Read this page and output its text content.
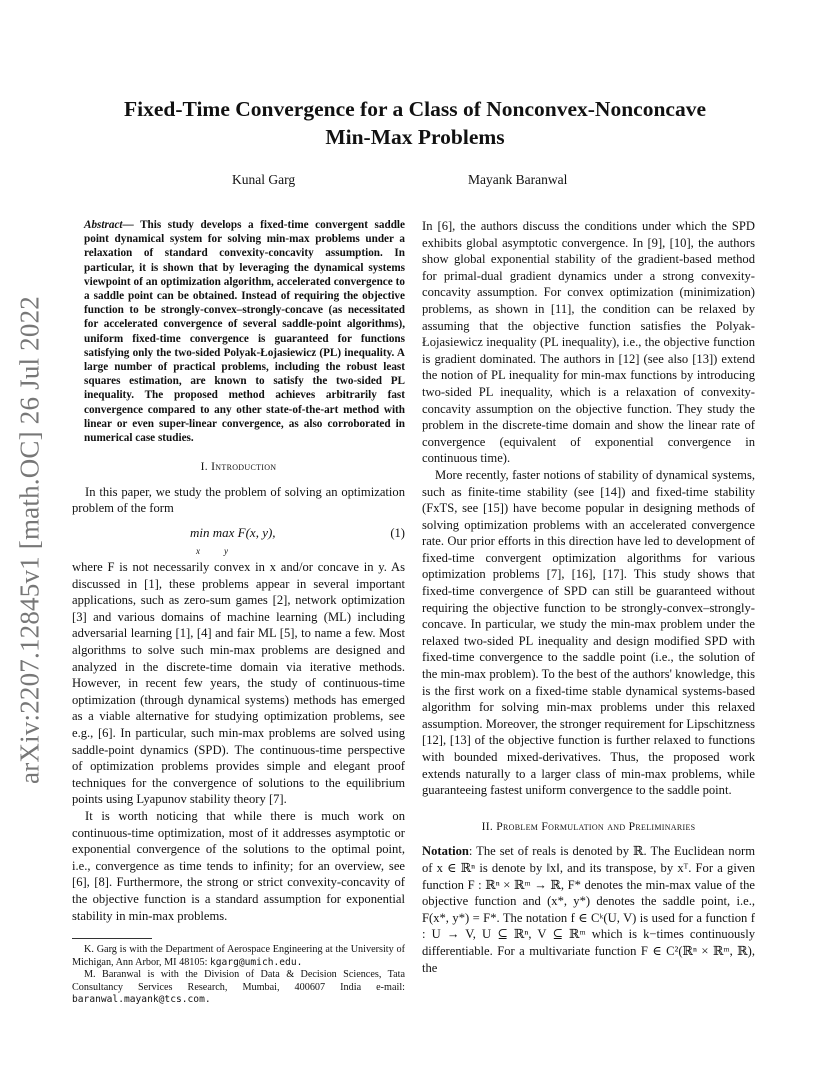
arXiv:2207.12845v1 [math.OC] 26 Jul 2022
Fixed-Time Convergence for a Class of Nonconvex-Nonconcave
Min-Max Problems
Kunal Garg	Mayank Baranwal

Abstract— This study develops a fixed-time convergent saddle point dynamical system for solving min-max problems under a relaxation of standard convexity-concavity assumption. In particular, it is shown that by leveraging the dynamical systems viewpoint of an optimization algorithm, accelerated convergence to a saddle point can be obtained. Instead of requiring the objective function to be strongly-convex–strongly-concave (as necessitated for accelerated convergence of several saddle-point algorithms), uniform fixed-time convergence is guaranteed for functions satisfying only the two-sided Polyak-Łojasiewicz (PL) inequality. A large number of practical problems, including the robust least squares estimation, are known to satisfy the two-sided PL inequality. The proposed method achieves arbitrarily fast convergence compared to any other state-of-the-art method with linear or even super-linear convergence, as also corroborated in numerical case studies.

I. Introduction

In this paper, we study the problem of solving an optimization problem of the form

min max F(x, y),
x	y
(1)

where F is not necessarily convex in x and/or concave in y. As discussed in [1], these problems appear in several important applications, such as zero-sum games [2], network optimization [3] and various domains of machine learning (ML) including adversarial learning [1], [4] and fair ML [5], to name a few. Most algorithms to solve such min-max problems are designed and analyzed in the discrete-time domain via iterative methods. However, in recent few years, the study of continuous-time optimization (through dynamical systems) methods has emerged as a viable alternative for studying optimization problems, see e.g., [6]. In particular, such min-max problems are solved using saddle-point dynamics (SPD). The continuous-time perspective of optimization problems provides simple and elegant proof techniques for the convergence of solutions to the equilibrium points using Lyapunov stability theory [7].

It is worth noticing that while there is much work on continuous-time optimization, most of it addresses asymptotic or exponential convergence of the solutions to the optimal point, i.e., convergence as time tends to infinity; for an overview, see [6], [8]. Furthermore, the strong or strict convexity-concavity of the objective function is a standard assumption for exponential stability in min-max problems.

K. Garg is with the Department of Aerospace Engineering at the University of Michigan, Ann Arbor, MI 48105: kgarg@umich.edu.

M. Baranwal is with the Division of Data & Decision Sciences, Tata Consultancy Services Research, Mumbai, 400607 India e-mail: baranwal.mayank@tcs.com.

In [6], the authors discuss the conditions under which the SPD exhibits global asymptotic convergence. In [9], [10], the authors show global exponential stability of the gradient-based method for primal-dual gradient dynamics under a strong convexity-concavity assumption. For convex optimization (minimization) problems, as shown in [11], the condition can be relaxed by assuming that the objective function satisfies the Polyak-Łojasiewicz inequality (PL inequality), i.e., the objective function is gradient dominated. The authors in [12] (see also [13]) extend the notion of PL inequality for min-max functions by introducing two-sided PL inequality, which is a relaxation of convexity-concavity assumption on the objective function. They study the problem in the discrete-time domain and show the linear rate of convergence (equivalent of exponential convergence in continuous time).

More recently, faster notions of stability of dynamical systems, such as finite-time stability (see [14]) and fixed-time stability (FxTS, see [15]) have become popular in designing methods of solving optimization problems with an accelerated convergence rate. Our prior efforts in this direction have led to development of fixed-time convergent optimization algorithms for various optimization problems [7], [16], [17]. This study shows that fixed-time convergence of SPD can still be guaranteed without requiring the objective function to be strongly-convex–strongly-concave. In particular, we study the min-max problem under the relaxed two-sided PL inequality and design modified SPD with fixed-time convergence to the saddle point (i.e., the solution of the min-max problem). To the best of the authors' knowledge, this is the first work on a fixed-time stable dynamical systems-based algorithm for solving min-max problems under this relaxed assumption. Moreover, the stronger requirement for Lipschitzness [12], [13] of the objective function is further relaxed to functions with bounded mixed-derivatives. Thus, the proposed work extends naturally to a larger class of min-max problems, while guaranteeing fastest uniform convergence to the saddle point.

II. Problem Formulation and Preliminaries

Notation: The set of reals is denoted by ℝ. The Euclidean norm of x ∈ ℝⁿ is denote by ‖x‖, and its transpose, by xᵀ. For a given function F : ℝⁿ × ℝᵐ → ℝ, F* denotes the min-max value of the objective function and (x*, y*) denotes the saddle point, i.e., F(x*, y*) = F*. The notation f ∈ Cᵏ(U, V) is used for a function f : U → V, U ⊆ ℝⁿ, V ⊆ ℝᵐ which is k−times continuously differentiable. For a multivariate function F ∈ C²(ℝⁿ × ℝᵐ, ℝ), the
